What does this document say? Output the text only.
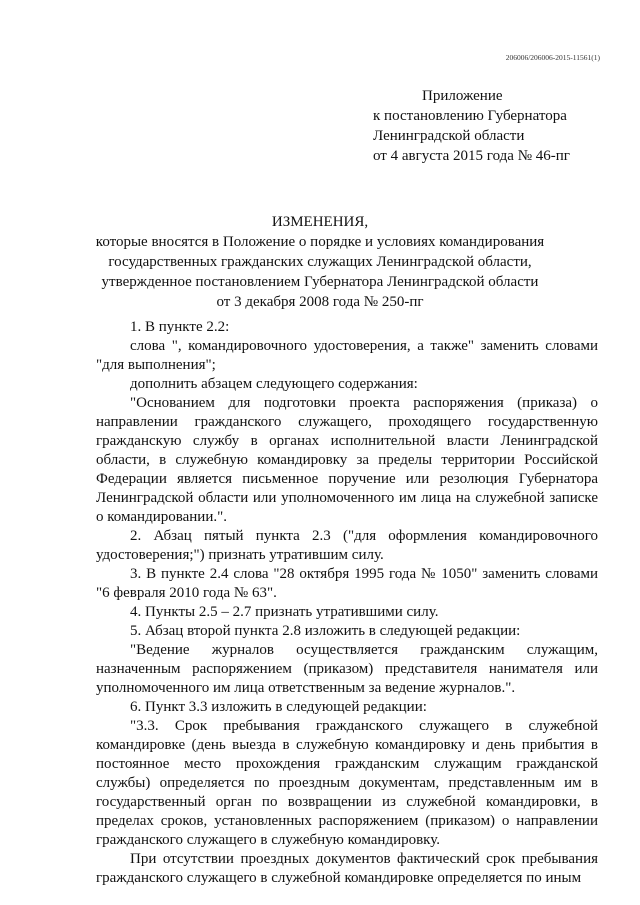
206006/206006-2015-11561(1)
Приложение
к постановлению Губернатора
Ленинградской области
от 4 августа 2015 года № 46-пг
ИЗМЕНЕНИЯ,
которые вносятся в Положение о порядке и условиях командирования
государственных гражданских служащих Ленинградской области,
утвержденное постановлением Губернатора Ленинградской области
от 3 декабря 2008 года № 250-пг

1. В пункте 2.2:

слова ", командировочного удостоверения, а также" заменить словами "для выполнения";

дополнить абзацем следующего содержания:

"Основанием для подготовки проекта распоряжения (приказа) о направлении гражданского служащего, проходящего государственную гражданскую службу в органах исполнительной власти Ленинградской области, в служебную командировку за пределы территории Российской Федерации является письменное поручение или резолюция Губернатора Ленинградской области или уполномоченного им лица на служебной записке о командировании.".

2. Абзац пятый пункта 2.3 ("для оформления командировочного удостоверения;") признать утратившим силу.

3. В пункте 2.4 слова "28 октября 1995 года № 1050" заменить словами "6 февраля 2010 года № 63".

4. Пункты 2.5 – 2.7 признать утратившими силу.

5. Абзац второй пункта 2.8 изложить в следующей редакции:

"Ведение журналов осуществляется гражданским служащим, назначенным распоряжением (приказом) представителя нанимателя или уполномоченного им лица ответственным за ведение журналов.".

6. Пункт 3.3 изложить в следующей редакции:

"3.3. Срок пребывания гражданского служащего в служебной командировке (день выезда в служебную командировку и день прибытия в постоянное место прохождения гражданским служащим гражданской службы) определяется по проездным документам, представленным им в государственный орган по возвращении из служебной командировки, в пределах сроков, установленных распоряжением (приказом) о направлении гражданского служащего в служебную командировку.

При отсутствии проездных документов фактический срок пребывания гражданского служащего в служебной командировке определяется по иным
